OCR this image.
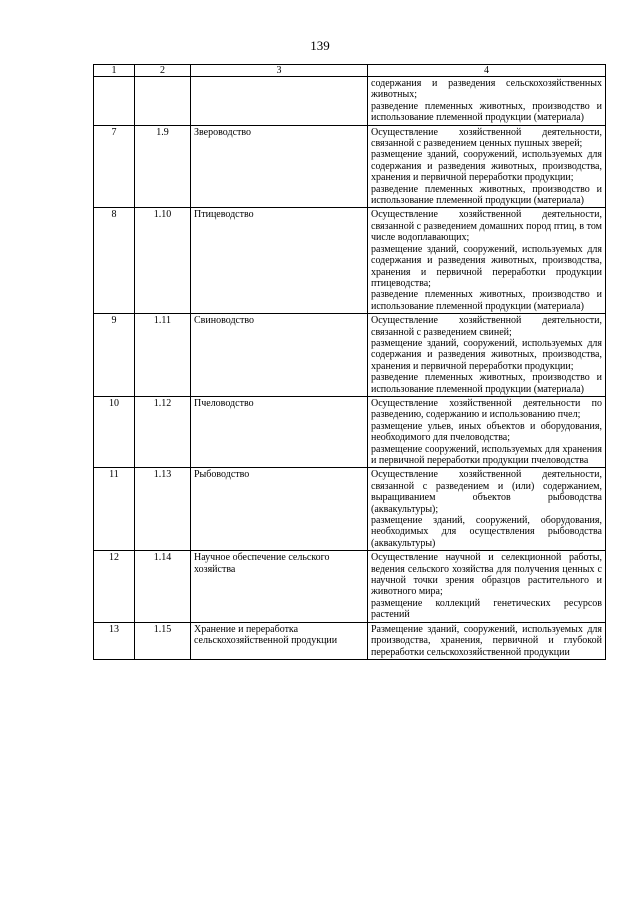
139
1	2	3	4

			содержания и разведения сельскохозяйственных животных;
разведение племенных животных, производство и использование племенной продукции (материала)

7	1.9	Звероводство	Осуществление хозяйственной деятельности, связанной с разведением ценных пушных зверей;
размещение зданий, сооружений, используемых для содержания и разведения животных, производства, хранения и первичной переработки продукции;
разведение племенных животных, производство и использование племенной продукции (материала)

8	1.10	Птицеводство	Осуществление хозяйственной деятельности, связанной с разведением домашних пород птиц, в том числе водоплавающих;
размещение зданий, сооружений, используемых для содержания и разведения животных, производства, хранения и первичной переработки продукции птицеводства;
разведение племенных животных, производство и использование племенной продукции (материала)

9	1.11	Свиноводство	Осуществление хозяйственной деятельности, связанной с разведением свиней;
размещение зданий, сооружений, используемых для содержания и разведения животных, производства, хранения и первичной переработки продукции;
разведение племенных животных, производство и использование племенной продукции (материала)

10	1.12	Пчеловодство	Осуществление хозяйственной деятельности по разведению, содержанию и использованию пчел;
размещение ульев, иных объектов и оборудования, необходимого для пчеловодства;
размещение сооружений, используемых для хранения и первичной переработки продукции пчеловодства

11	1.13	Рыбоводство	Осуществление хозяйственной деятельности, связанной с разведением и (или) содержанием, выращиванием объектов рыбоводства (аквакультуры);
размещение зданий, сооружений, оборудования, необходимых для осуществления рыбоводства (аквакультуры)

12	1.14	Научное обеспечение сельского хозяйства	Осуществление научной и селекционной работы, ведения сельского хозяйства для получения ценных с научной точки зрения образцов растительного и животного мира;
размещение коллекций генетических ресурсов растений

13	1.15	Хранение и переработка сельскохозяйственной продукции	Размещение зданий, сооружений, используемых для производства, хранения, первичной и глубокой переработки сельскохозяйственной продукции
